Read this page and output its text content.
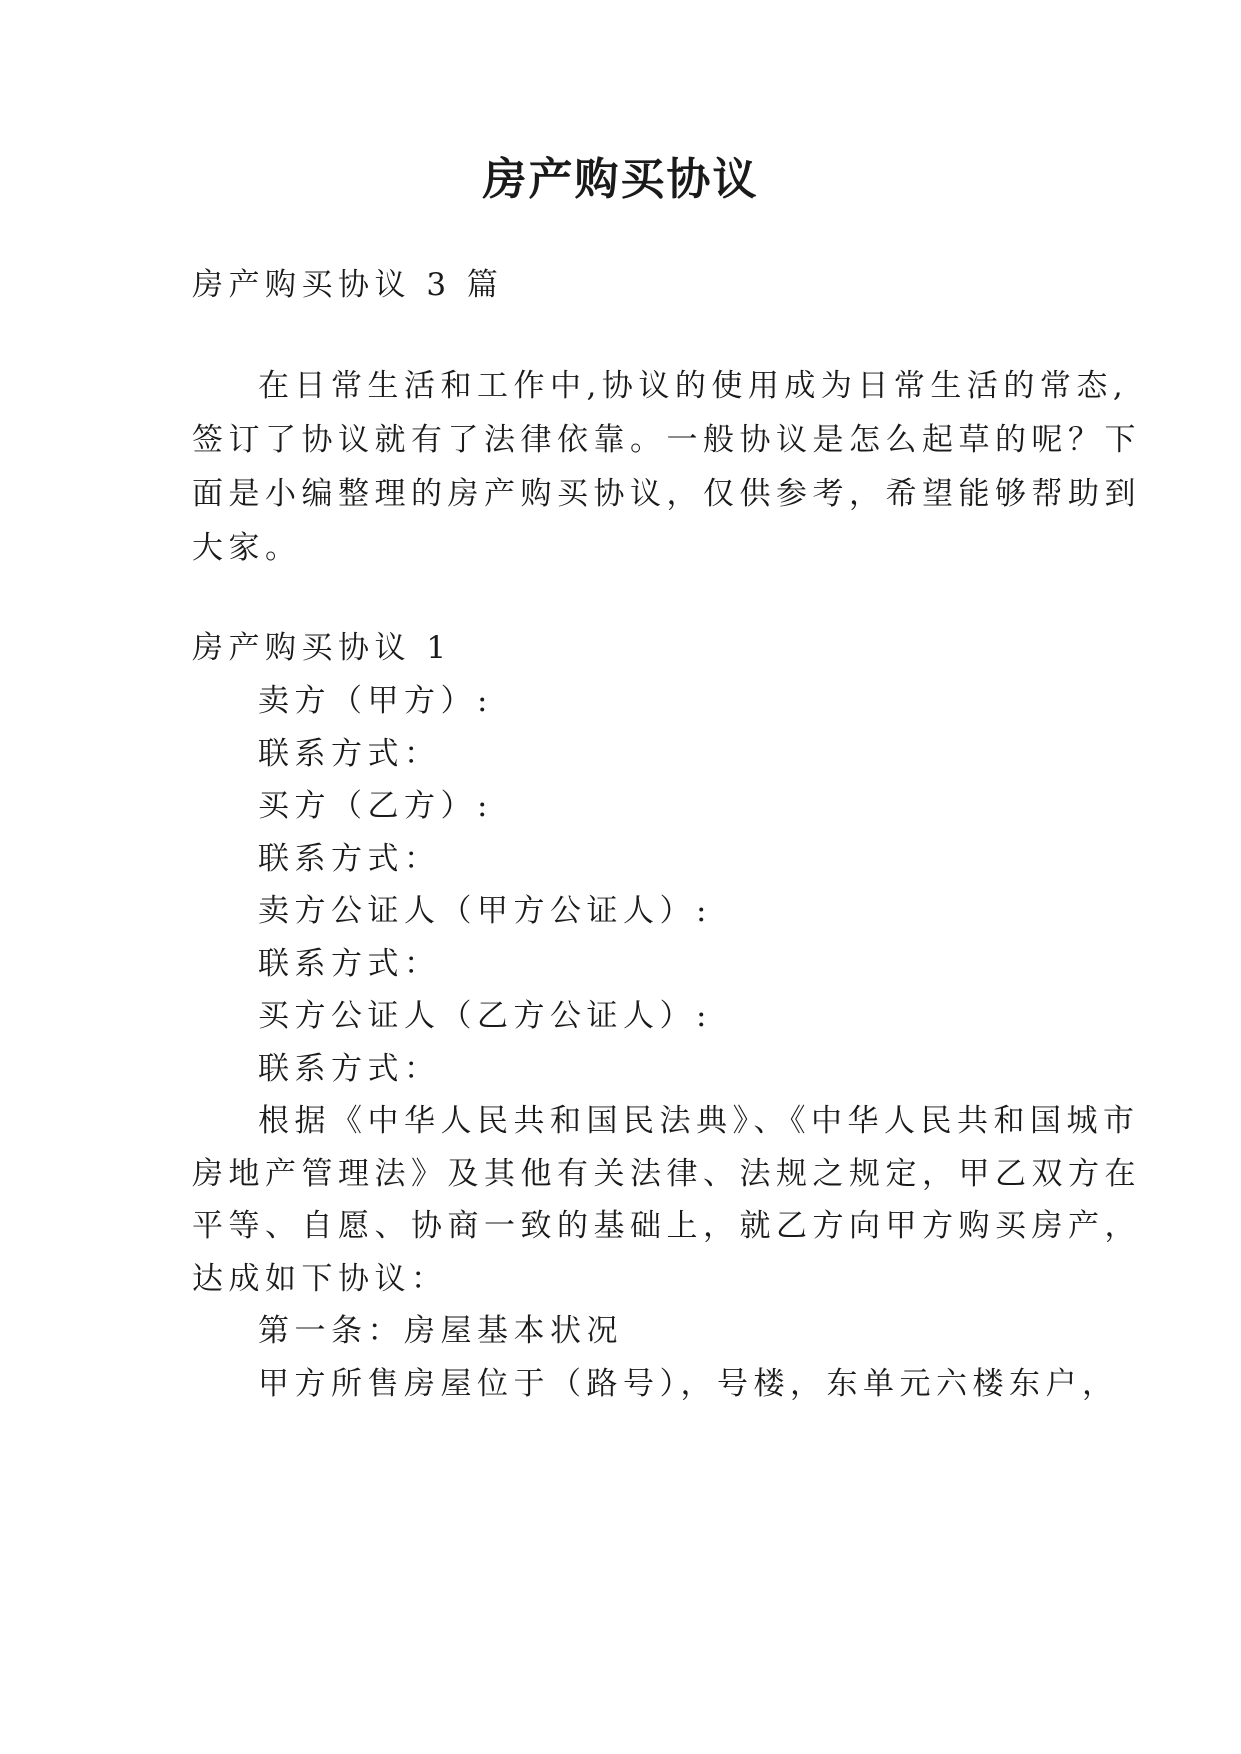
房产购买协议
房产购买协议 3 篇
在日常生活和工作中,协议的使用成为日常生活的常态,
签订了协议就有了法律依靠。一般协议是怎么起草的呢？下
面是小编整理的房产购买协议，仅供参考，希望能够帮助到
大家。
房产购买协议 1
卖方（甲方）:
联系方式：
买方（乙方）:
联系方式：
卖方公证人（甲方公证人）:
联系方式：
买方公证人（乙方公证人）:
联系方式：
根据《中华人民共和国民法典》、《中华人民共和国城市
房地产管理法》及其他有关法律、法规之规定，甲乙双方在
平等、自愿、协商一致的基础上，就乙方向甲方购买房产，
达成如下协议：
第一条：房屋基本状况
甲方所售房屋位于（路号），号楼，东单元六楼东户，
